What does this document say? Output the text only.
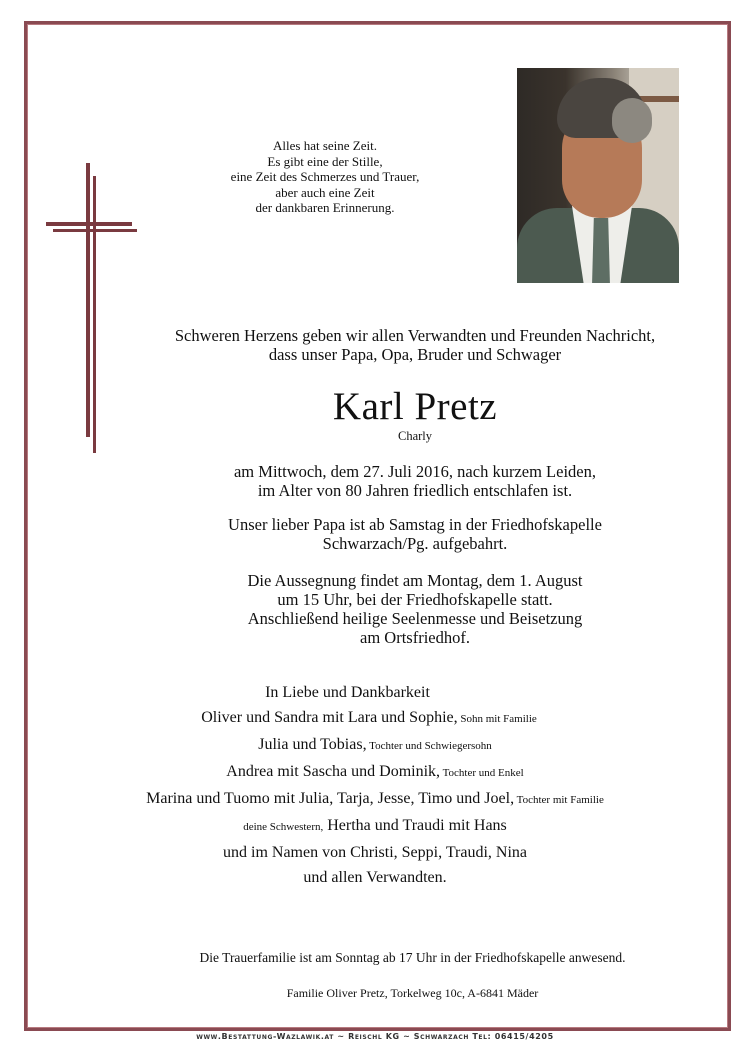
Alles hat seine Zeit.
Es gibt eine der Stille,
eine Zeit des Schmerzes und Trauer,
aber auch eine Zeit
der dankbaren Erinnerung.
Schweren Herzens geben wir allen Verwandten und Freunden Nachricht,
dass unser Papa, Opa, Bruder und Schwager
Karl Pretz
Charly
am Mittwoch, dem 27. Juli 2016, nach kurzem Leiden,
im Alter von 80 Jahren friedlich entschlafen ist.
Unser lieber Papa ist ab Samstag in der Friedhofskapelle
Schwarzach/Pg. aufgebahrt.
Die Aussegnung findet am Montag, dem 1. August
um 15 Uhr, bei der Friedhofskapelle statt.
Anschließend heilige Seelenmesse und Beisetzung
am Ortsfriedhof.
In Liebe und Dankbarkeit
Oliver und Sandra mit Lara und Sophie, Sohn mit Familie
Julia und Tobias, Tochter und Schwiegersohn
Andrea mit Sascha und Dominik, Tochter und Enkel
Marina und Tuomo mit Julia, Tarja, Jesse, Timo und Joel, Tochter mit Familie
deine Schwestern, Hertha und Traudi mit Hans
und im Namen von Christi, Seppi, Traudi, Nina
und allen Verwandten.
Die Trauerfamilie ist am Sonntag ab 17 Uhr in der Friedhofskapelle anwesend.
Familie Oliver Pretz, Torkelweg 10c, A-6841 Mäder
www.Bestattung-Wazlawik.at ~ Reischl KG ~ Schwarzach Tel: 06415/4205
